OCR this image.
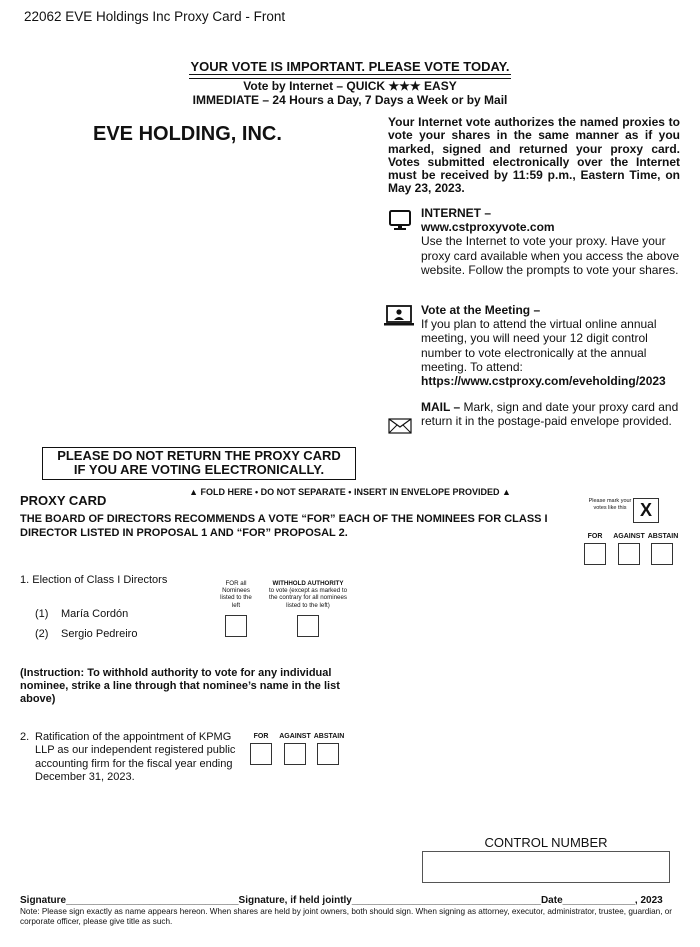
22062 EVE Holdings Inc Proxy Card - Front
YOUR VOTE IS IMPORTANT. PLEASE VOTE TODAY.
Vote by Internet – QUICK ★★★ EASY
IMMEDIATE – 24 Hours a Day, 7 Days a Week or by Mail
EVE HOLDING, INC.
Your Internet vote authorizes the named proxies to vote your shares in the same manner as if you marked, signed and returned your proxy card. Votes submitted electronically over the Internet must be received by 11:59 p.m., Eastern Time, on May 23, 2023.
INTERNET –
www.cstproxyvote.com
Use the Internet to vote your proxy. Have your proxy card available when you access the above website. Follow the prompts to vote your shares.
Vote at the Meeting –
If you plan to attend the virtual online annual meeting, you will need your 12 digit control number to vote electronically at the annual meeting. To attend:
https://www.cstproxy.com/eveholding/2023
MAIL – Mark, sign and date your proxy card and return it in the postage-paid envelope provided.
PLEASE DO NOT RETURN THE PROXY CARD
IF YOU ARE VOTING ELECTRONICALLY.
▲ FOLD HERE • DO NOT SEPARATE • INSERT IN ENVELOPE PROVIDED ▲
PROXY CARD
THE BOARD OF DIRECTORS RECOMMENDS A VOTE “FOR” EACH OF THE NOMINEES FOR CLASS I DIRECTOR LISTED IN PROPOSAL 1 AND “FOR” PROPOSAL 2.
Please mark your votes like this X
FOR	AGAINST ABSTAIN
1. Election of Class I Directors	FOR all Nominees listed to the left
WITHHOLD AUTHORITY
to vote (except as marked to the contrary for all nominees listed to the left)
(1) María Cordón
(2) Sergio Pedreiro
(Instruction: To withhold authority to vote for any individual nominee, strike a line through that nominee’s name in the list above)
2. Ratification of the appointment of KPMG LLP as our independent registered public accounting firm for the fiscal year ending December 31, 2023.
FOR	AGAINST ABSTAIN
CONTROL NUMBER
Signature_______________________________Signature, if held jointly__________________________________Date_____________, 2023
Note: Please sign exactly as name appears hereon. When shares are held by joint owners, both should sign. When signing as attorney, executor, administrator, trustee, guardian, or corporate officer, please give title as such.
